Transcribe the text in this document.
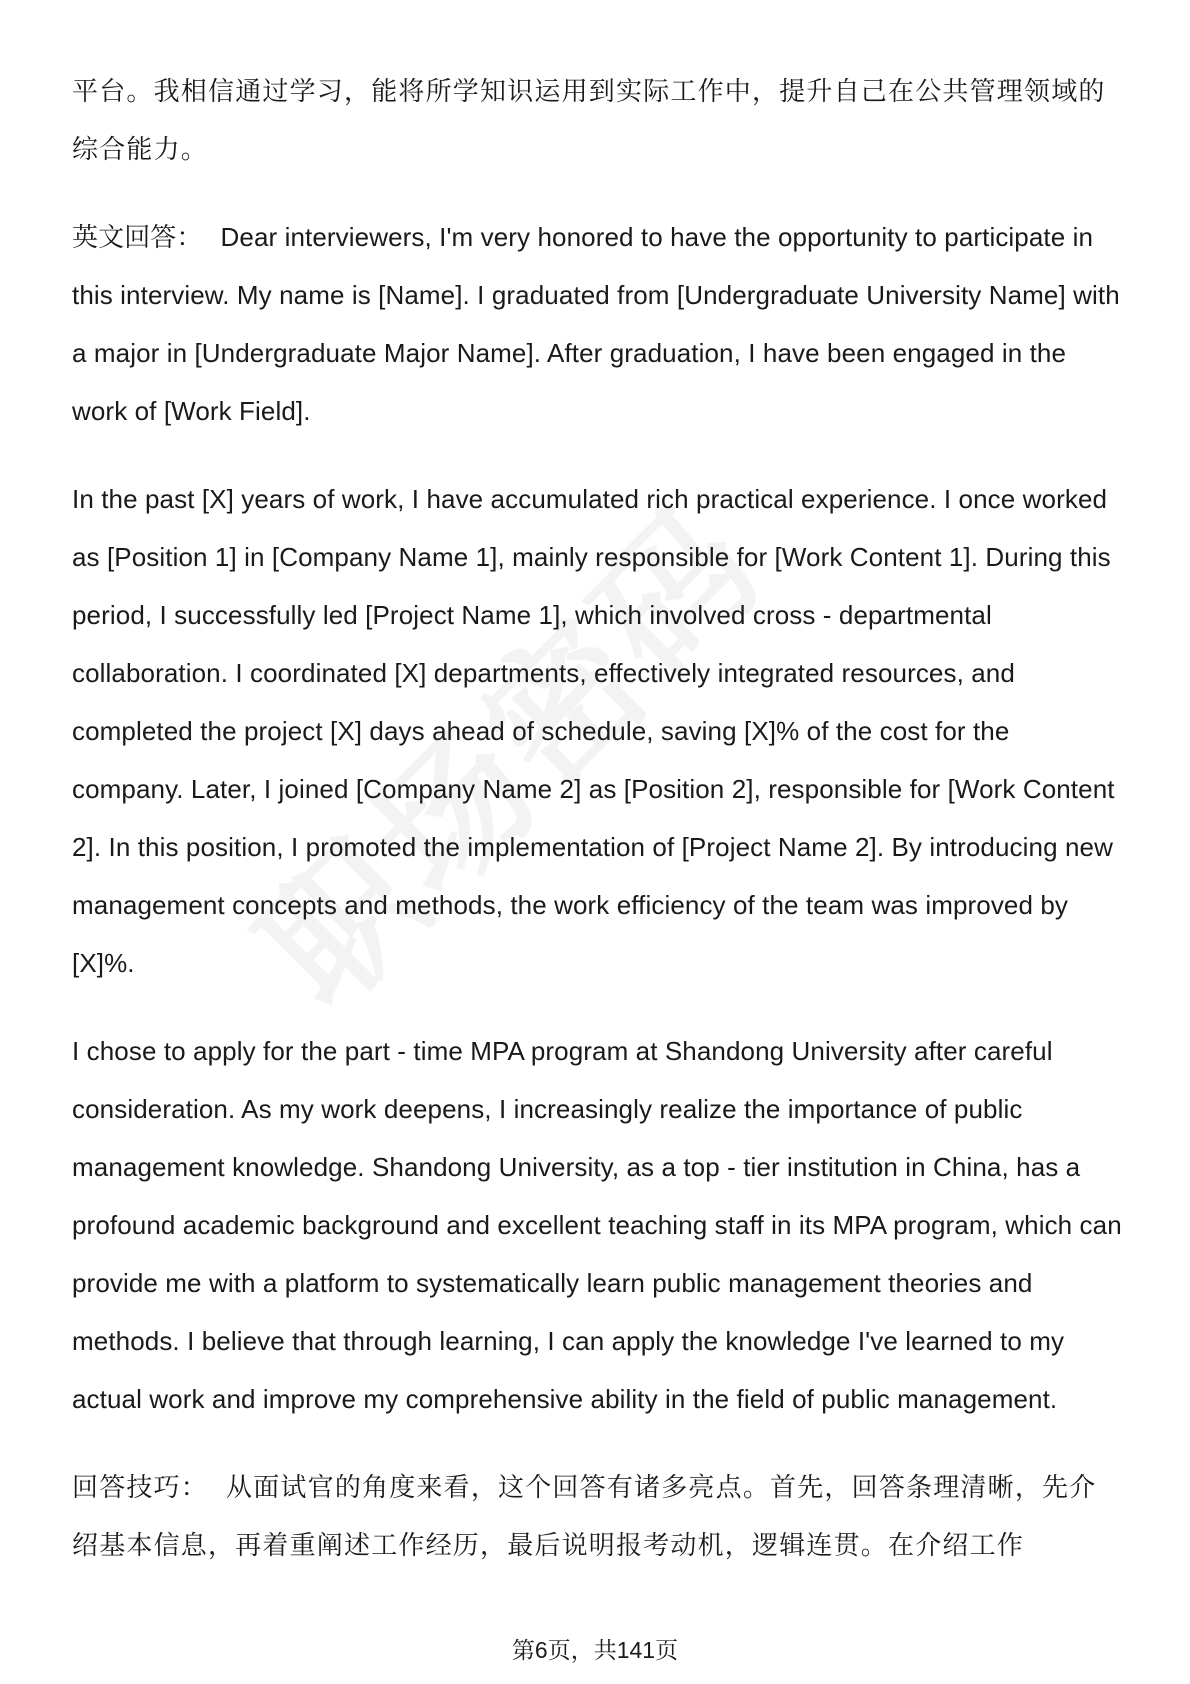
平台。我相信通过学习，能将所学知识运用到实际工作中，提升自己在公共管理领域的综合能力。

英文回答： Dear interviewers, I'm very honored to have the opportunity to participate in this interview. My name is [Name]. I graduated from [Undergraduate University Name] with a major in [Undergraduate Major Name]. After graduation, I have been engaged in the work of [Work Field].

In the past [X] years of work, I have accumulated rich practical experience. I once worked as [Position 1] in [Company Name 1], mainly responsible for [Work Content 1]. During this period, I successfully led [Project Name 1], which involved cross - departmental collaboration. I coordinated [X] departments, effectively integrated resources, and completed the project [X] days ahead of schedule, saving [X]% of the cost for the company. Later, I joined [Company Name 2] as [Position 2], responsible for [Work Content 2]. In this position, I promoted the implementation of [Project Name 2]. By introducing new management concepts and methods, the work efficiency of the team was improved by [X]%.

I chose to apply for the part - time MPA program at Shandong University after careful consideration. As my work deepens, I increasingly realize the importance of public management knowledge. Shandong University, as a top - tier institution in China, has a profound academic background and excellent teaching staff in its MPA program, which can provide me with a platform to systematically learn public management theories and methods. I believe that through learning, I can apply the knowledge I've learned to my actual work and improve my comprehensive ability in the field of public management.

回答技巧： 从面试官的角度来看，这个回答有诸多亮点。首先，回答条理清晰，先介绍基本信息，再着重阐述工作经历，最后说明报考动机，逻辑连贯。在介绍工作

第6页，共141页
